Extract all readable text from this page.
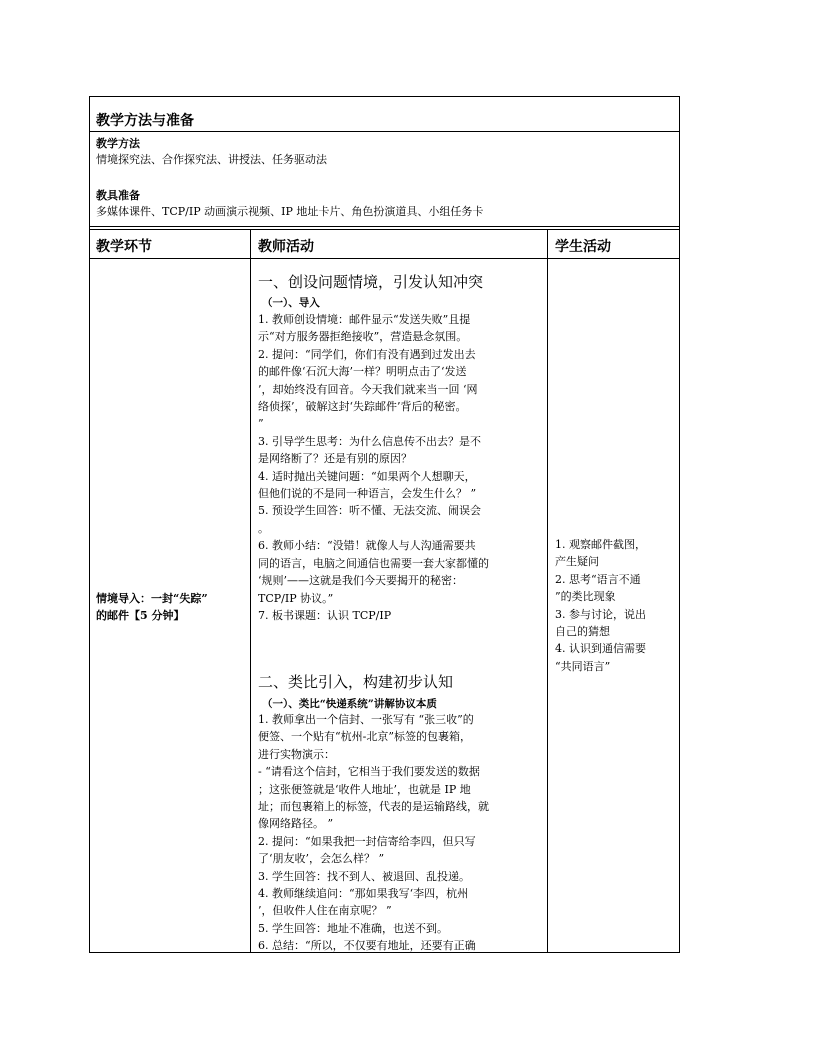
教学方法与准备
教学方法
情境探究法、合作探究法、讲授法、任务驱动法
教具准备
多媒体课件、TCP/IP 动画演示视频、IP 地址卡片、角色扮演道具、小组任务卡
教学环节	教师活动	学生活动
情境导入：一封“失踪”
的邮件【5 分钟】
一、创设问题情境，引发认知冲突
（一）、导入
1. 教师创设情境：邮件显示“发送失败”且提
示“对方服务器拒绝接收”，营造悬念氛围。
2. 提问：“同学们，你们有没有遇到过发出去
的邮件像‘石沉大海’一样？明明点击了‘发送
’，却始终没有回音。今天我们就来当一回 ‘网
络侦探’，破解这封‘失踪邮件’背后的秘密。
”
3. 引导学生思考：为什么信息传不出去？是不
是网络断了？还是有别的原因？
4. 适时抛出关键问题：“如果两个人想聊天，
但他们说的不是同一种语言，会发生什么？ ”
5. 预设学生回答：听不懂、无法交流、闹误会
。
6. 教师小结：“没错！就像人与人沟通需要共
同的语言，电脑之间通信也需要一套大家都懂的
‘规则’——这就是我们今天要揭开的秘密：
TCP/IP 协议。”
7. 板书课题：认识 TCP/IP
二、类比引入，构建初步认知
（一）、类比“快递系统”讲解协议本质
1. 教师拿出一个信封、一张写有 “张三收”的
便签、一个贴有“杭州-北京”标签的包裹箱，
进行实物演示：
- “请看这个信封，它相当于我们要发送的数据
；这张便签就是‘收件人地址’，也就是 IP 地
址；而包裹箱上的标签，代表的是运输路线，就
像网络路径。 ”
2. 提问：“如果我把一封信寄给李四，但只写
了‘朋友收’，会怎么样？ ”
3. 学生回答：找不到人、被退回、乱投递。
4. 教师继续追问：“那如果我写‘李四，杭州
’，但收件人住在南京呢？ ”
5. 学生回答：地址不准确，也送不到。
6. 总结：“所以，不仅要有地址，还要有正确
1. 观察邮件截图，
产生疑问
2. 思考“语言不通
”的类比现象
3. 参与讨论，说出
自己的猜想
4. 认识到通信需要
“共同语言”
